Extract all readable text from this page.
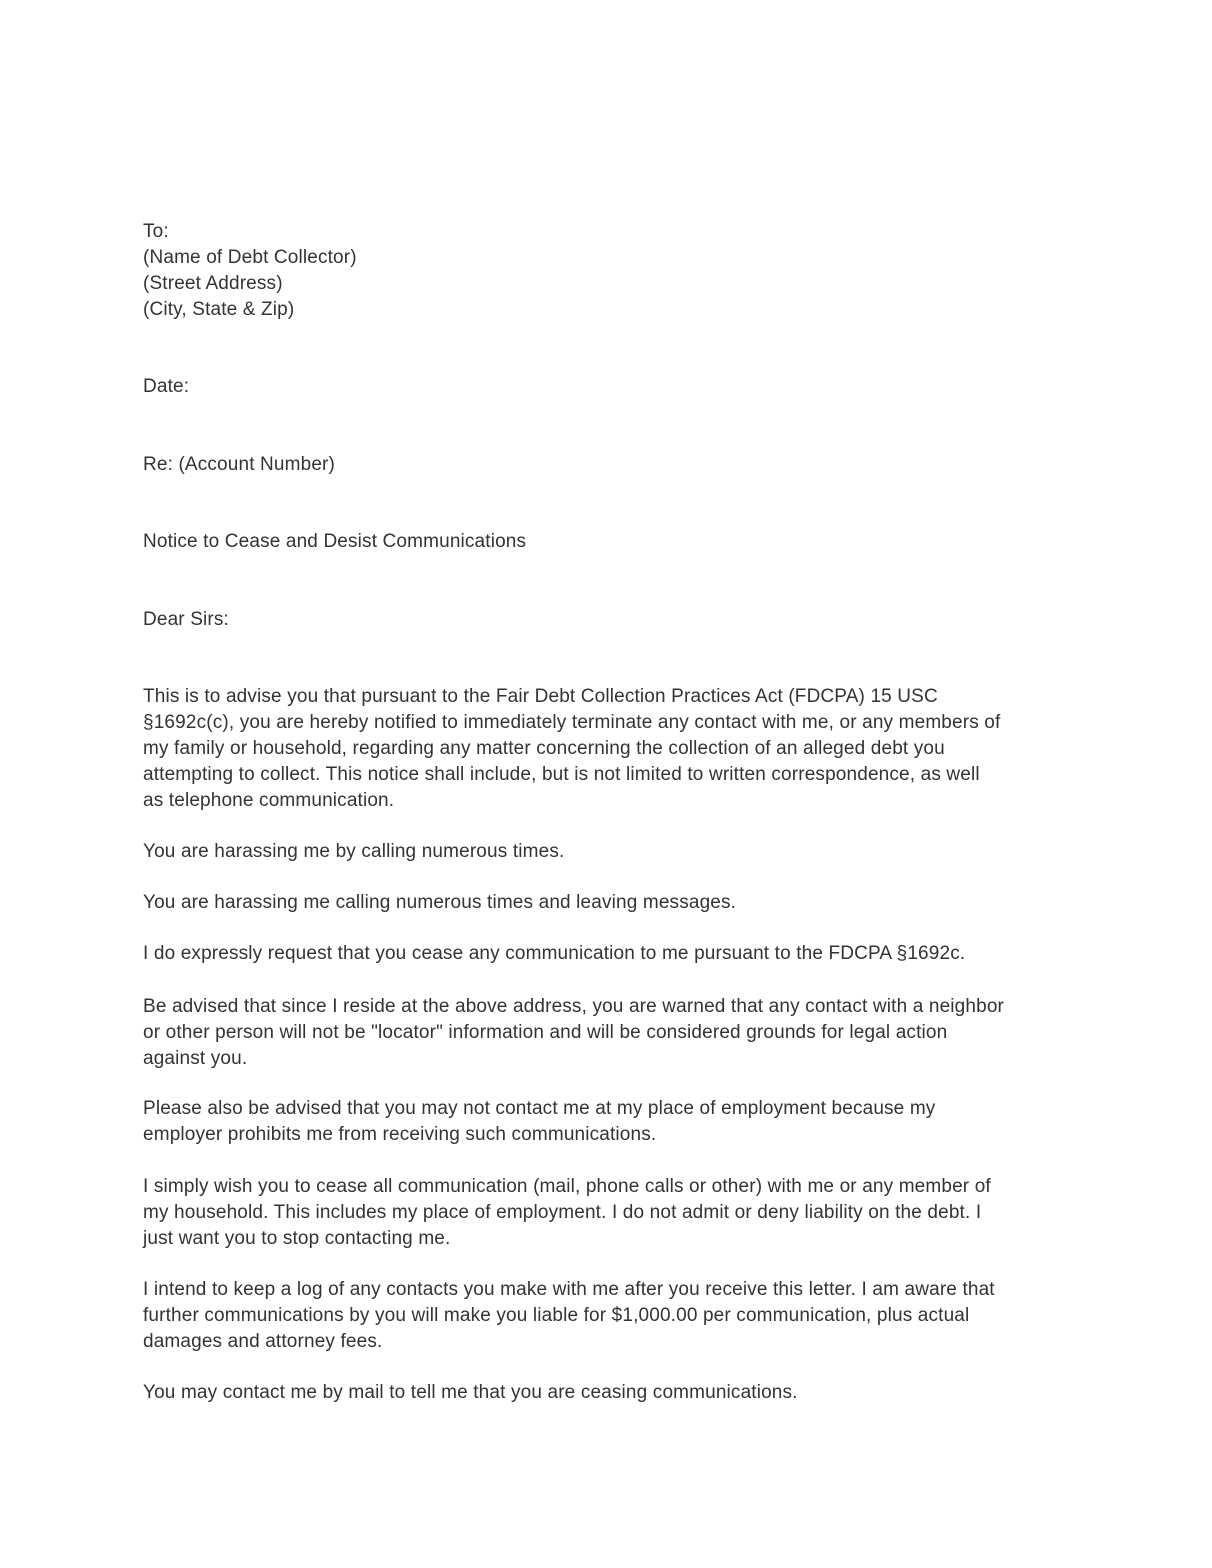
To:
(Name of Debt Collector)
(Street Address)
(City, State & Zip)
Date:
Re: (Account Number)
Notice to Cease and Desist Communications
Dear Sirs:
This is to advise you that pursuant to the Fair Debt Collection Practices Act (FDCPA) 15 USC
§1692c(c), you are hereby notified to immediately terminate any contact with me, or any members of
my family or household, regarding any matter concerning the collection of an alleged debt you
attempting to collect. This notice shall include, but is not limited to written correspondence, as well
as telephone communication.
You are harassing me by calling numerous times.
You are harassing me calling numerous times and leaving messages.
I do expressly request that you cease any communication to me pursuant to the FDCPA §1692c.
Be advised that since I reside at the above address, you are warned that any contact with a neighbor
or other person will not be "locator" information and will be considered grounds for legal action
against you.
Please also be advised that you may not contact me at my place of employment because my
employer prohibits me from receiving such communications.
I simply wish you to cease all communication (mail, phone calls or other) with me or any member of
my household. This includes my place of employment. I do not admit or deny liability on the debt. I
just want you to stop contacting me.
I intend to keep a log of any contacts you make with me after you receive this letter. I am aware that
further communications by you will make you liable for $1,000.00 per communication, plus actual
damages and attorney fees.
You may contact me by mail to tell me that you are ceasing communications.
